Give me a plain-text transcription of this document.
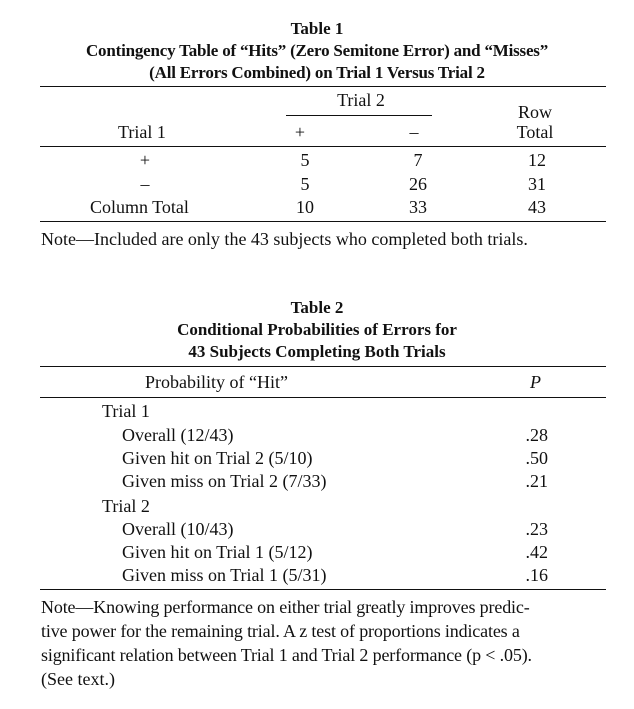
Table 1
Contingency Table of “Hits” (Zero Semitone Error) and “Misses”
(All Errors Combined) on Trial 1 Versus Trial 2
Trial 2
Row
Trial 1	+	–	Total
+	5	7	12
–	5	26	31
Column Total	10	33	43
Note—Included are only the 43 subjects who completed both trials.
Table 2
Conditional Probabilities of Errors for
43 Subjects Completing Both Trials
Probability of “Hit”	P
Trial 1
Overall (12/43)	.28
Given hit on Trial 2 (5/10)	.50
Given miss on Trial 2 (7/33)	.21
Trial 2
Overall (10/43)	.23
Given hit on Trial 1 (5/12)	.42
Given miss on Trial 1 (5/31)	.16
Note—Knowing performance on either trial greatly improves predic-
tive power for the remaining trial. A z test of proportions indicates a
significant relation between Trial 1 and Trial 2 performance (p < .05).
(See text.)
